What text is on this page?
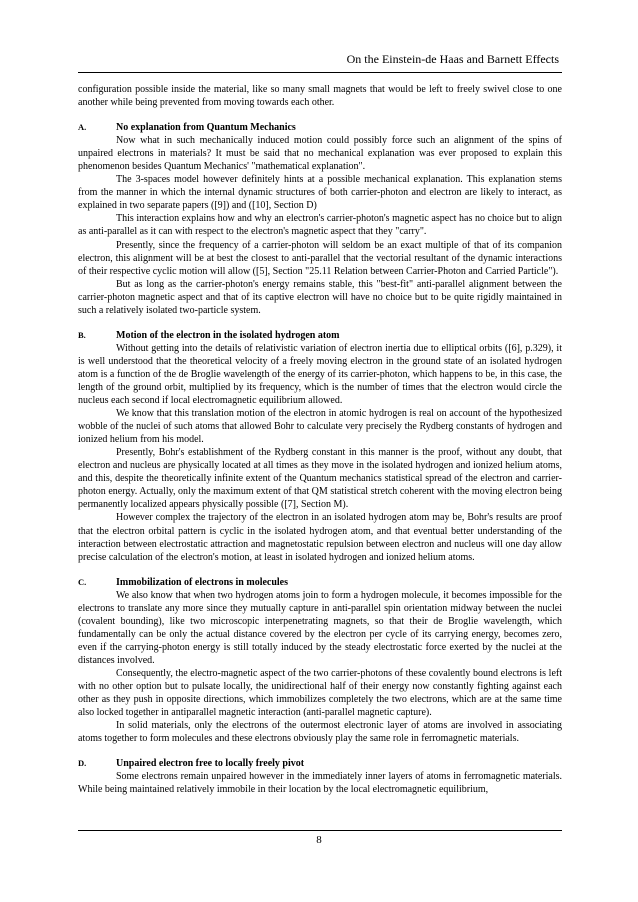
On the Einstein-de Haas and Barnett Effects

configuration possible inside the material, like so many small magnets that would be left to freely swivel close to one another while being prevented from moving towards each other.

A.	No explanation from Quantum Mechanics

Now what in such mechanically induced motion could possibly force such an alignment of the spins of unpaired electrons in materials? It must be said that no mechanical explanation was ever proposed to explain this phenomenon besides Quantum Mechanics' "mathematical explanation".

The 3-spaces model however definitely hints at a possible mechanical explanation. This explanation stems from the manner in which the internal dynamic structures of both carrier-photon and electron are likely to interact, as explained in two separate papers ([9]) and ([10], Section D)

This interaction explains how and why an electron's carrier-photon's magnetic aspect has no choice but to align as anti-parallel as it can with respect to the electron's magnetic aspect that they "carry".

Presently, since the frequency of a carrier-photon will seldom be an exact multiple of that of its companion electron, this alignment will be at best the closest to anti-parallel that the vectorial resultant of the dynamic interactions of their respective cyclic motion will allow ([5], Section "25.11 Relation between Carrier-Photon and Carried Particle").

But as long as the carrier-photon's energy remains stable, this "best-fit" anti-parallel alignment between the carrier-photon magnetic aspect and that of its captive electron will have no choice but to be quite rigidly maintained in such a relatively isolated two-particle system.

B.	Motion of the electron in the isolated hydrogen atom

Without getting into the details of relativistic variation of electron inertia due to elliptical orbits ([6], p.329), it is well understood that the theoretical velocity of a freely moving electron in the ground state of an isolated hydrogen atom is a function of the de Broglie wavelength of the energy of its carrier-photon, which happens to be, in this case, the length of the ground orbit, multiplied by its frequency, which is the number of times that the electron would circle the nucleus each second if local electromagnetic equilibrium allowed.

We know that this translation motion of the electron in atomic hydrogen is real on account of the hypothesized wobble of the nuclei of such atoms that allowed Bohr to calculate very precisely the Rydberg constants of hydrogen and ionized helium from his model.

Presently, Bohr's establishment of the Rydberg constant in this manner is the proof, without any doubt, that electron and nucleus are physically located at all times as they move in the isolated hydrogen and ionized helium atoms, and this, despite the theoretically infinite extent of the Quantum mechanics statistical spread of the electron and carrier-photon energy. Actually, only the maximum extent of that QM statistical stretch coherent with the moving electron being permanently localized appears physically possible ([7], Section M).

However complex the trajectory of the electron in an isolated hydrogen atom may be, Bohr's results are proof that the electron orbital pattern is cyclic in the isolated hydrogen atom, and that eventual better understanding of the interaction between electrostatic attraction and magnetostatic repulsion between electron and nucleus will one day allow precise calculation of the electron's motion, at least in isolated hydrogen and ionized helium atoms.

C.	Immobilization of electrons in molecules

We also know that when two hydrogen atoms join to form a hydrogen molecule, it becomes impossible for the electrons to translate any more since they mutually capture in anti-parallel spin orientation midway between the nuclei (covalent bounding), like two microscopic interpenetrating magnets, so that their de Broglie wavelength, which fundamentally can be only the actual distance covered by the electron per cycle of its carrying energy, becomes zero, even if the carrying-photon energy is still totally induced by the steady electrostatic force exerted by the nuclei at the distances involved.

Consequently, the electro-magnetic aspect of the two carrier-photons of these covalently bound electrons is left with no other option but to pulsate locally, the unidirectional half of their energy now constantly fighting against each other as they push in opposite directions, which immobilizes completely the two electrons, which are at the same time also locked together in antiparallel magnetic interaction (anti-parallel magnetic capture).

In solid materials, only the electrons of the outermost electronic layer of atoms are involved in associating atoms together to form molecules and these electrons obviously play the same role in ferromagnetic materials.

D.	Unpaired electron free to locally freely pivot

Some electrons remain unpaired however in the immediately inner layers of atoms in ferromagnetic materials. While being maintained relatively immobile in their location by the local electromagnetic equilibrium,

8
